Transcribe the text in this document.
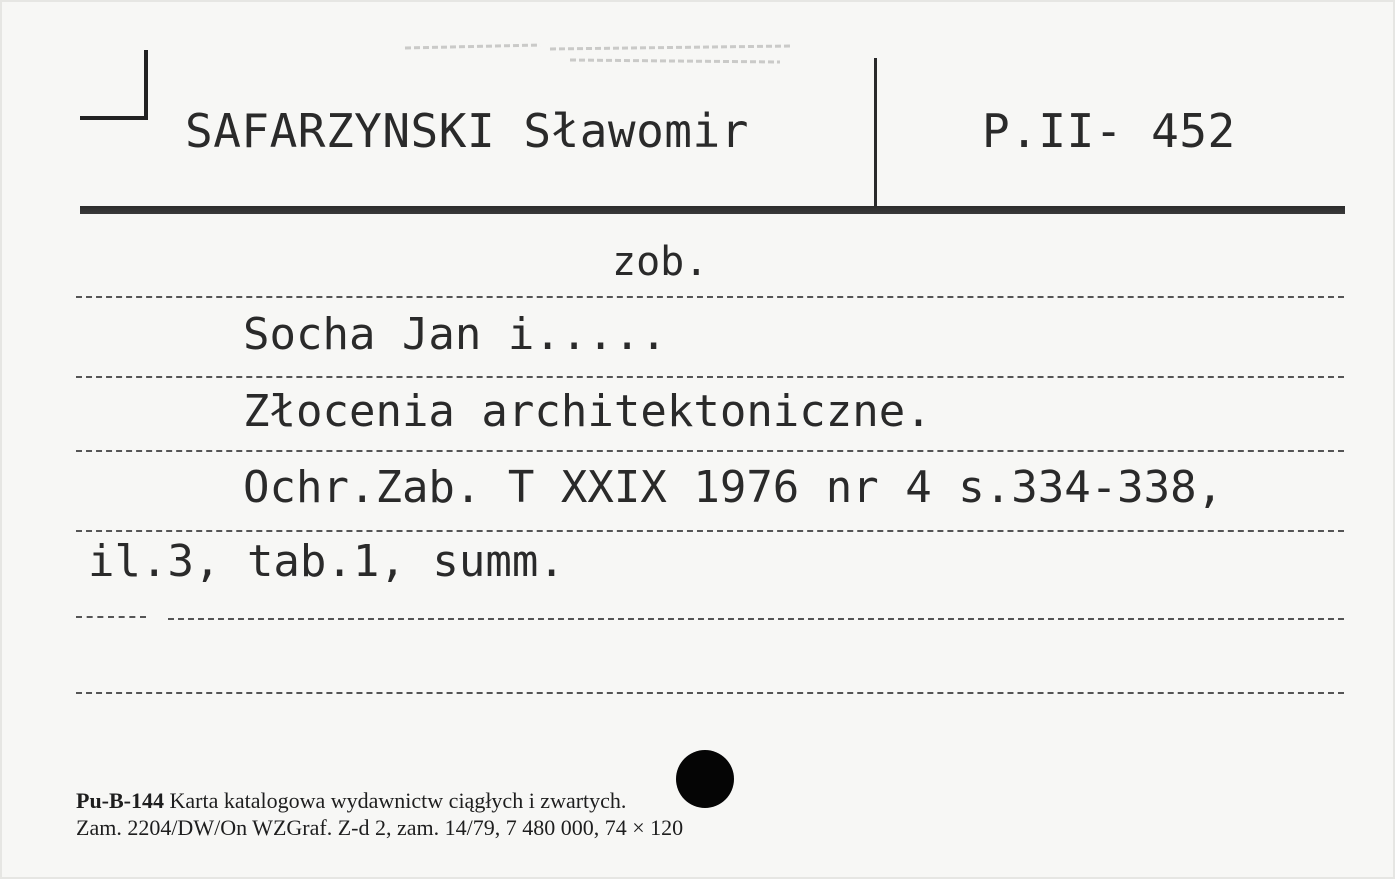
SAFARZYNSKI Sławomir	P.II- 452
zob.
Socha Jan i.....
Złocenia architektoniczne.
Ochr.Zab. T XXIX 1976 nr 4 s.334-338,
il.3, tab.1, summ.
Pu-B-144 Karta katalogowa wydawnictw ciągłych i zwartych.
Zam. 2204/DW/On WZGraf. Z-d 2, zam. 14/79, 7 480 000, 74 × 120
